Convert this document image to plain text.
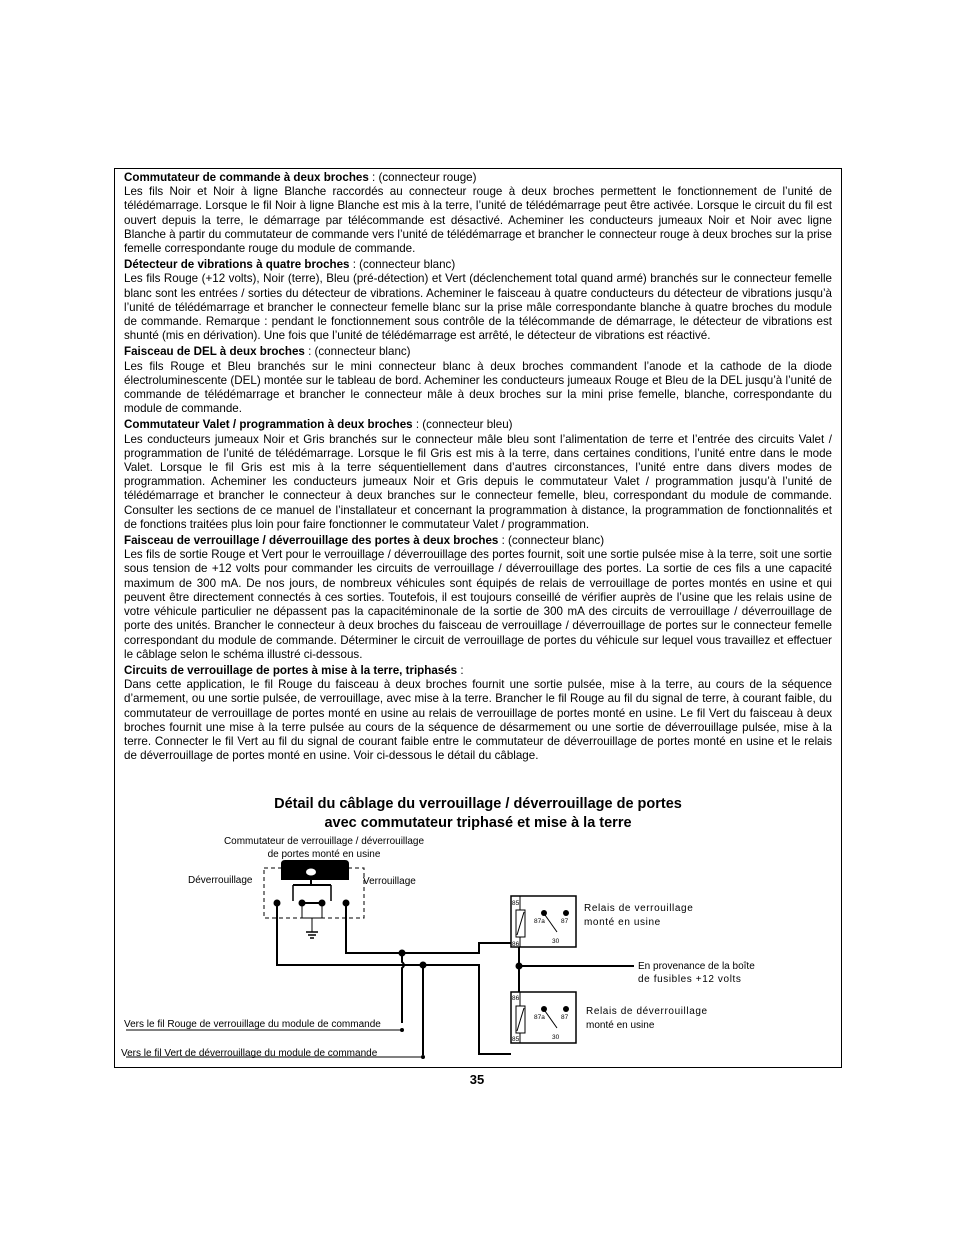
Commutateur de commande à deux broches : (connecteur rouge)
Les fils Noir et Noir à ligne Blanche raccordés au connecteur rouge à deux broches permettent le fonctionnement de l’unité de télédémarrage. Lorsque le fil Noir à ligne Blanche est mis à la terre, l’unité de télédémarrage peut être activée. Lorsque le circuit du fil est ouvert depuis la terre, le démarrage par télécommande est désactivé. Acheminer les conducteurs jumeaux Noir et Noir avec ligne Blanche à partir du commutateur de commande vers l’unité de télédémarrage et brancher le connecteur rouge à deux broches sur la prise femelle correspondante rouge du module de commande.
Détecteur de vibrations à quatre broches : (connecteur blanc)
Les fils Rouge (+12 volts), Noir (terre), Bleu (pré-détection) et Vert (déclenchement total quand armé) branchés sur le connecteur femelle blanc sont les entrées / sorties du détecteur de vibrations. Acheminer le faisceau à quatre conducteurs du détecteur de vibrations jusqu’à l’unité de télédémarrage et brancher le connecteur femelle blanc sur la prise mâle correspondante blanche à quatre broches du module de commande. Remarque : pendant le fonctionnement sous contrôle de la télécommande de démarrage, le détecteur de vibrations est shunté (mis en dérivation). Une fois que l’unité de télédémarrage est arrêté, le détecteur de vibrations est réactivé.
Faisceau de DEL à deux broches : (connecteur blanc)
Les fils Rouge et Bleu branchés sur le mini connecteur blanc à deux broches commandent l’anode et la cathode de la diode électroluminescente (DEL) montée sur le tableau de bord. Acheminer les conducteurs jumeaux Rouge et Bleu de la DEL jusqu’à l’unité de commande de télédémarrage et brancher le connecteur mâle à deux broches sur la mini prise femelle, blanche, correspondante du module de commande.
Commutateur Valet / programmation à deux broches : (connecteur bleu)
Les conducteurs jumeaux Noir et Gris branchés sur le connecteur mâle bleu sont l’alimentation de terre et l’entrée des circuits Valet / programmation de l’unité de télédémarrage. Lorsque le fil Gris est mis à la terre, dans certaines conditions, l’unité entre dans le mode Valet. Lorsque le fil Gris est mis à la terre séquentiellement dans d’autres circonstances, l’unité entre dans divers modes de programmation. Acheminer les conducteurs jumeaux Noir et Gris depuis le commutateur Valet / programmation jusqu’à l’unité de télédémarrage et brancher le connecteur à deux branches sur le connecteur femelle, bleu, correspondant du module de commande. Consulter les sections de ce manuel de l’installateur et concernant la programmation à distance, la programmation de fonctionnalités et de fonctions traitées plus loin pour faire fonctionner le commutateur Valet / programmation.
Faisceau de verrouillage / déverrouillage des portes à deux broches : (connecteur blanc)
Les fils de sortie Rouge et Vert pour le verrouillage / déverrouillage des portes fournit, soit une sortie pulsée mise à la terre, soit une sortie sous tension de +12 volts pour commander les circuits de verrouillage / déverrouillage des portes. La sortie de ces fils a une capacité maximum de 300 mA. De nos jours, de nombreux véhicules sont équipés de relais de verrouillage de portes montés en usine et qui peuvent être directement connectés à ces sorties. Toutefois, il est toujours conseillé de vérifier auprès de l’usine que les relais usine de votre véhicule particulier ne dépassent pas la capacitéminonale de la sortie de 300 mA des circuits de verrouillage / déverrouillage de porte des unités. Brancher le connecteur à deux broches du faisceau de verrouillage / déverrouillage de portes sur le connecteur femelle correspondant du module de commande. Déterminer le circuit de verrouillage de portes du véhicule sur lequel vous travaillez et effectuer le câblage selon le schéma illustré ci-dessous.
Circuits de verrouillage de portes à mise à la terre, triphasés :
Dans cette application, le fil Rouge du faisceau à deux broches fournit une sortie pulsée, mise à la terre, au cours de la séquence d’armement, ou une sortie pulsée, de verrouillage, avec mise à la terre. Brancher le fil Rouge au fil du signal de terre, à courant faible, du commutateur de verrouillage de portes monté en usine au relais de verrouillage de portes monté en usine. Le fil Vert du faisceau à deux broches fournit une mise à la terre pulsée au cours de la séquence de désarmement ou une sortie de déverrouillage pulsée, mise à la terre. Connecter le fil Vert au fil du signal de courant faible entre le commutateur de déverrouillage de portes monté en usine et le relais de déverrouillage de portes monté en usine. Voir ci-dessous le détail du câblage.
Détail du câblage du verrouillage / déverrouillage de portes
avec commutateur triphasé et mise à la terre
Commutateur de verrouillage / déverrouillage
de portes monté en usine
Déverrouillage	Verrouillage
85
86
87a 87
30
86
85
87a 87
30
Relais de verrouillage
monté en usine
En provenance de la boîte
de fusibles +12 volts
Relais de déverrouillage
monté en usine
Vers le fil Rouge de verrouillage du module de commande
Vers le fil Vert de déverrouillage du module de commande
35
